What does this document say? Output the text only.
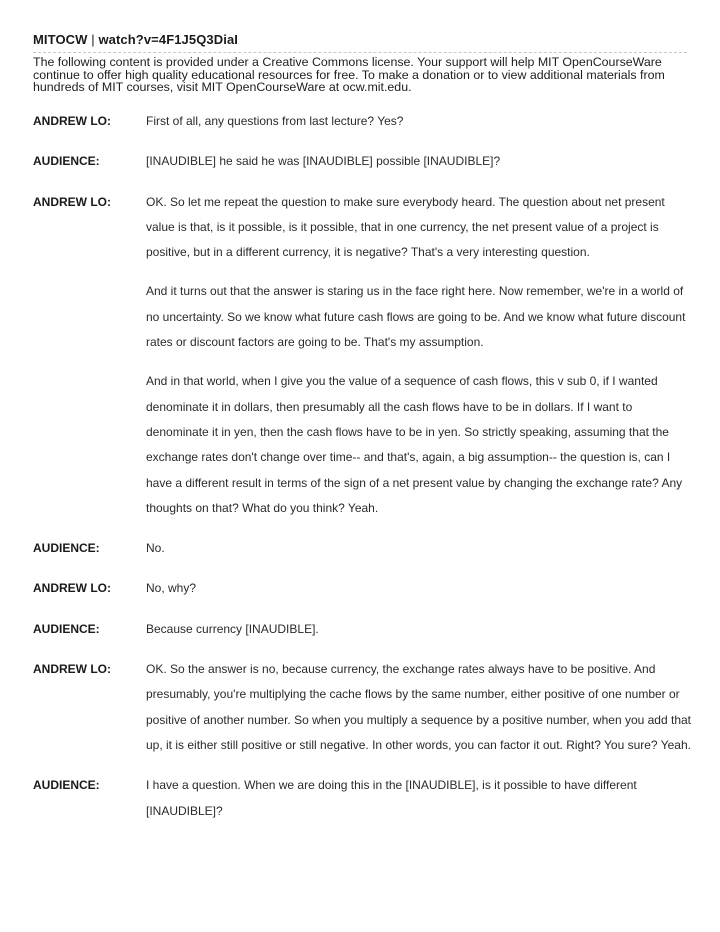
MITOCW | watch?v=4F1J5Q3DiaI
The following content is provided under a Creative Commons license. Your support will help MIT OpenCourseWare continue to offer high quality educational resources for free. To make a donation or to view additional materials from hundreds of MIT courses, visit MIT OpenCourseWare at ocw.mit.edu.
ANDREW LO:	First of all, any questions from last lecture? Yes?

AUDIENCE:	[INAUDIBLE] he said he was [INAUDIBLE] possible [INAUDIBLE]?

ANDREW LO:	OK. So let me repeat the question to make sure everybody heard. The question about net present value is that, is it possible, is it possible, that in one currency, the net present value of a project is positive, but in a different currency, it is negative? That's a very interesting question.

And it turns out that the answer is staring us in the face right here. Now remember, we're in a world of no uncertainty. So we know what future cash flows are going to be. And we know what future discount rates or discount factors are going to be. That's my assumption.

And in that world, when I give you the value of a sequence of cash flows, this v sub 0, if I wanted denominate it in dollars, then presumably all the cash flows have to be in dollars. If I want to denominate it in yen, then the cash flows have to be in yen. So strictly speaking, assuming that the exchange rates don't change over time-- and that's, again, a big assumption-- the question is, can I have a different result in terms of the sign of a net present value by changing the exchange rate? Any thoughts on that? What do you think? Yeah.

AUDIENCE:	No.

ANDREW LO:	No, why?

AUDIENCE:	Because currency [INAUDIBLE].

ANDREW LO:	OK. So the answer is no, because currency, the exchange rates always have to be positive. And presumably, you're multiplying the cache flows by the same number, either positive of one number or positive of another number. So when you multiply a sequence by a positive number, when you add that up, it is either still positive or still negative. In other words, you can factor it out. Right? You sure? Yeah.

AUDIENCE:	I have a question. When we are doing this in the [INAUDIBLE], is it possible to have different [INAUDIBLE]?
